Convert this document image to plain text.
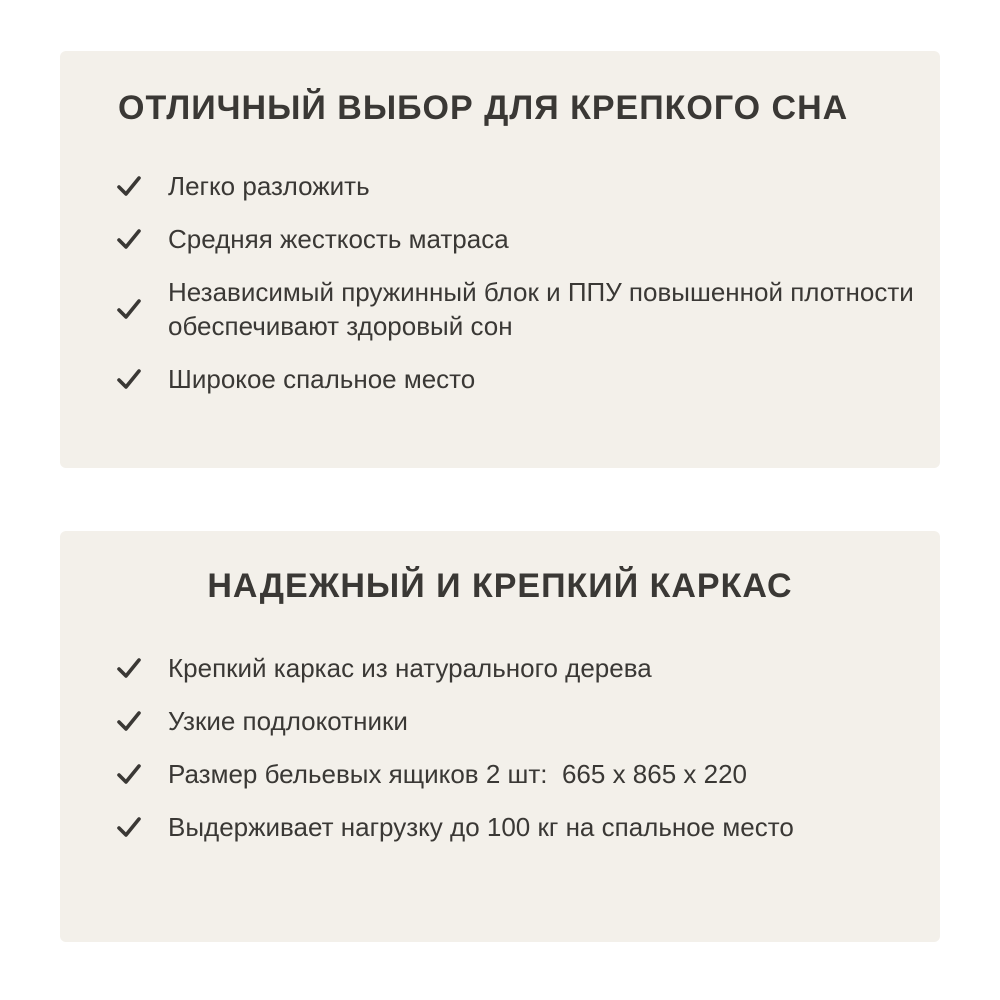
ОТЛИЧНЫЙ ВЫБОР ДЛЯ КРЕПКОГО СНА
Легко разложить
Средняя жесткость матраса
Независимый пружинный блок и ППУ повышенной плотности обеспечивают здоровый сон
Широкое спальное место
НАДЕЖНЫЙ И КРЕПКИЙ КАРКАС
Крепкий каркас из натурального дерева
Узкие подлокотники
Размер бельевых ящиков 2 шт:  665 х 865 х 220
Выдерживает нагрузку до 100 кг на спальное место
